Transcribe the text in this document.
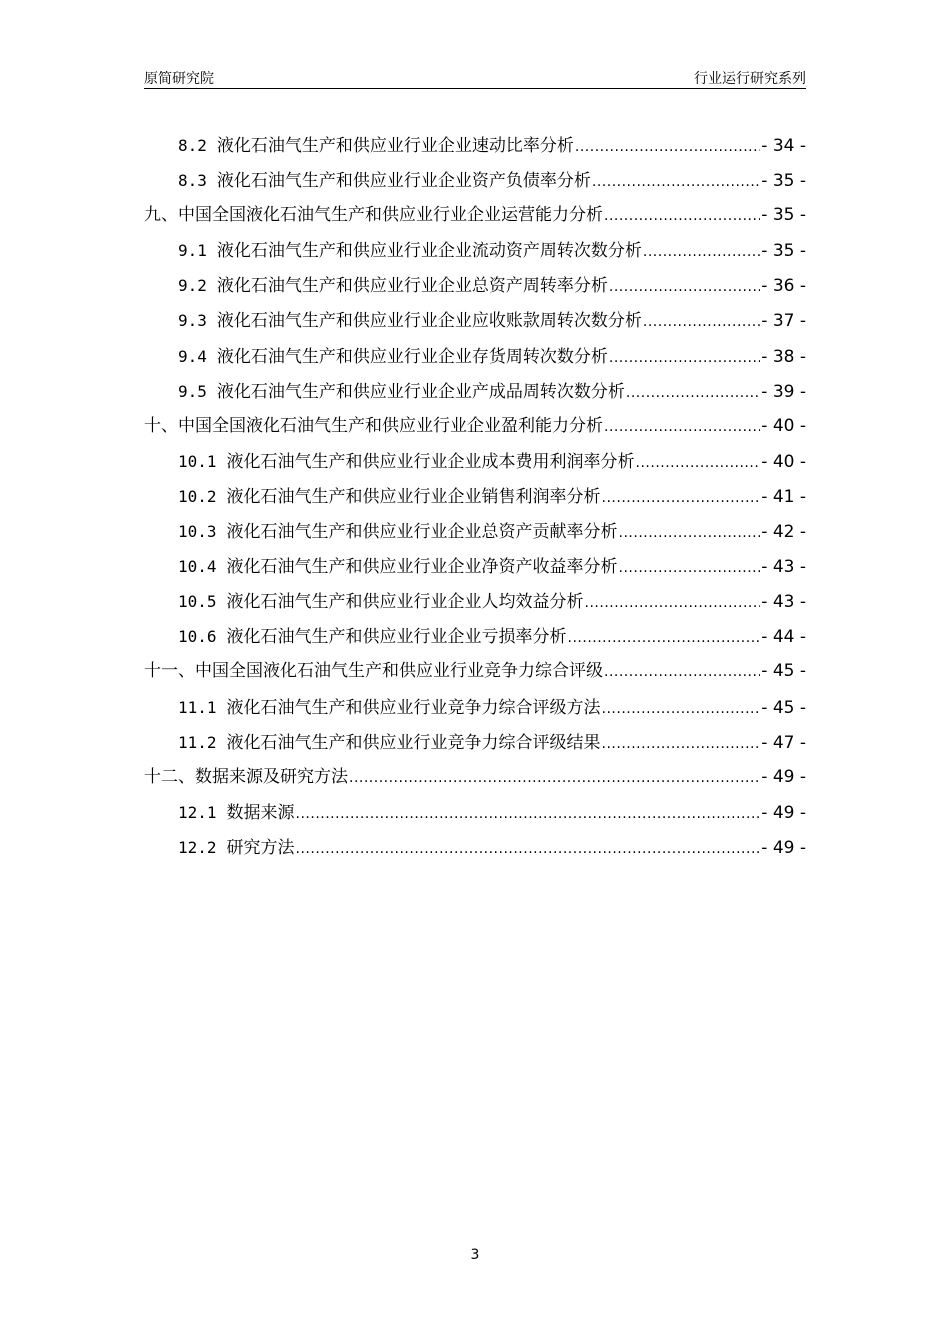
原简研究院	行业运行研究系列
8.2 液化石油气生产和供应业行业企业速动比率分析 .....	- 34 -
8.3 液化石油气生产和供应业行业企业资产负债率分析 .....	- 35 -
九、中国全国液化石油气生产和供应业行业企业运营能力分析 .....	- 35 -
9.1 液化石油气生产和供应业行业企业流动资产周转次数分析 .....	- 35 -
9.2 液化石油气生产和供应业行业企业总资产周转率分析 .....	- 36 -
9.3 液化石油气生产和供应业行业企业应收账款周转次数分析 .....	- 37 -
9.4 液化石油气生产和供应业行业企业存货周转次数分析 .....	- 38 -
9.5 液化石油气生产和供应业行业企业产成品周转次数分析 .....	- 39 -
十、中国全国液化石油气生产和供应业行业企业盈利能力分析 .....	- 40 -
10.1 液化石油气生产和供应业行业企业成本费用利润率分析 .....	- 40 -
10.2 液化石油气生产和供应业行业企业销售利润率分析 .....	- 41 -
10.3 液化石油气生产和供应业行业企业总资产贡献率分析 .....	- 42 -
10.4 液化石油气生产和供应业行业企业净资产收益率分析 .....	- 43 -
10.5 液化石油气生产和供应业行业企业人均效益分析 .....	- 43 -
10.6 液化石油气生产和供应业行业企业亏损率分析 .....	- 44 -
十一、中国全国液化石油气生产和供应业行业竞争力综合评级 .....	- 45 -
11.1 液化石油气生产和供应业行业竞争力综合评级方法 .....	- 45 -
11.2 液化石油气生产和供应业行业竞争力综合评级结果 .....	- 47 -
十二、数据来源及研究方法 .....	- 49 -
12.1 数据来源 .....	- 49 -
12.2 研究方法 .....	- 49 -
3
